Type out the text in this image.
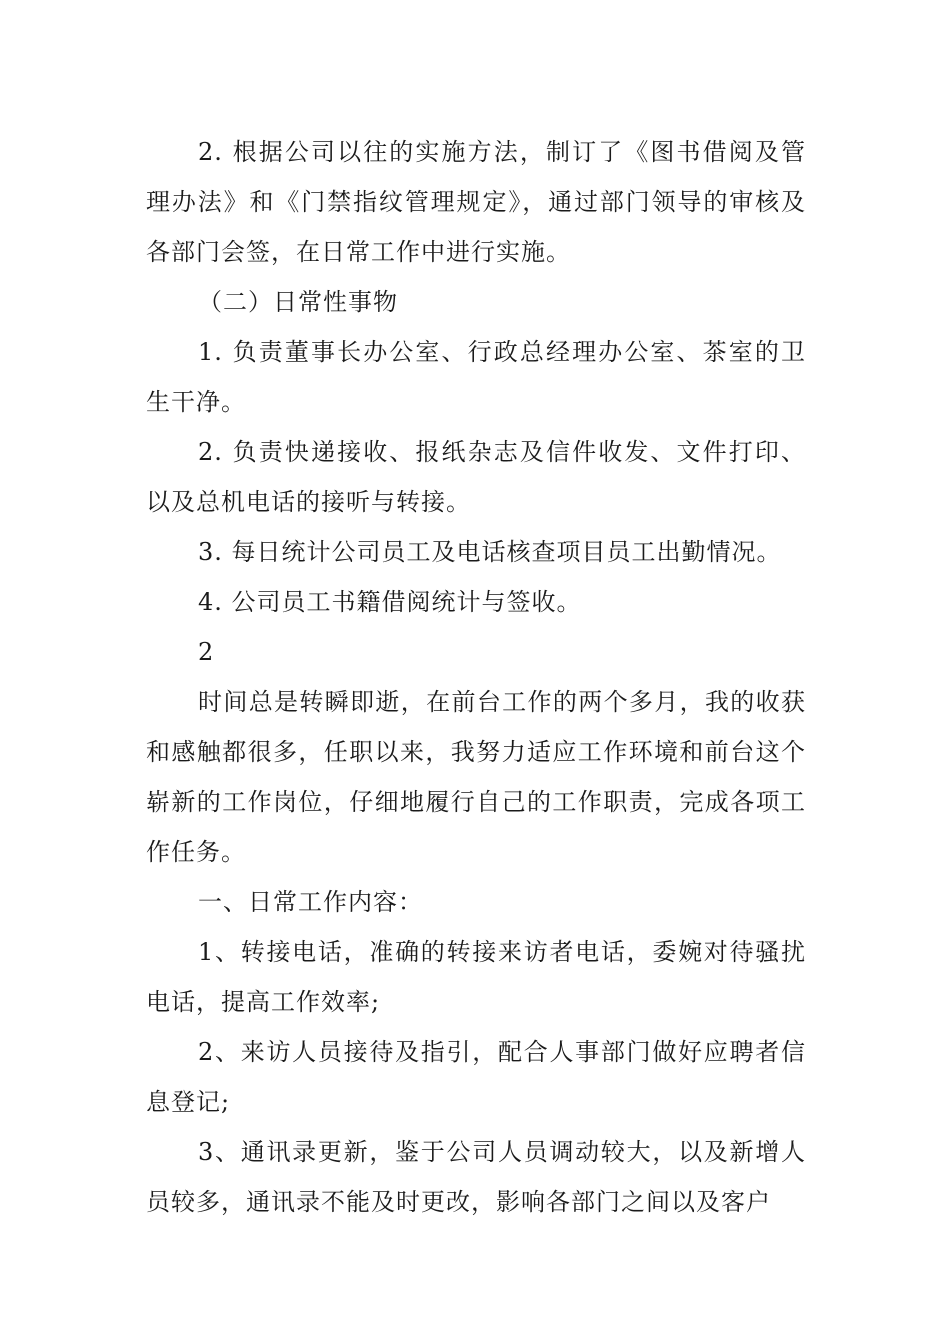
2. 根据公司以往的实施方法，制订了《图书借阅及管理办法》和《门禁指纹管理规定》，通过部门领导的审核及各部门会签，在日常工作中进行实施。

（二）日常性事物

1. 负责董事长办公室、行政总经理办公室、茶室的卫生干净。

2. 负责快递接收、报纸杂志及信件收发、文件打印、以及总机电话的接听与转接。

3. 每日统计公司员工及电话核查项目员工出勤情况。

4. 公司员工书籍借阅统计与签收。

2

时间总是转瞬即逝，在前台工作的两个多月，我的收获和感触都很多，任职以来，我努力适应工作环境和前台这个崭新的工作岗位，仔细地履行自己的工作职责，完成各项工作任务。

一、日常工作内容：

1、转接电话，准确的转接来访者电话，委婉对待骚扰电话，提高工作效率;

2、来访人员接待及指引，配合人事部门做好应聘者信息登记;

3、通讯录更新，鉴于公司人员调动较大，以及新增人员较多，通讯录不能及时更改，影响各部门之间以及客户
